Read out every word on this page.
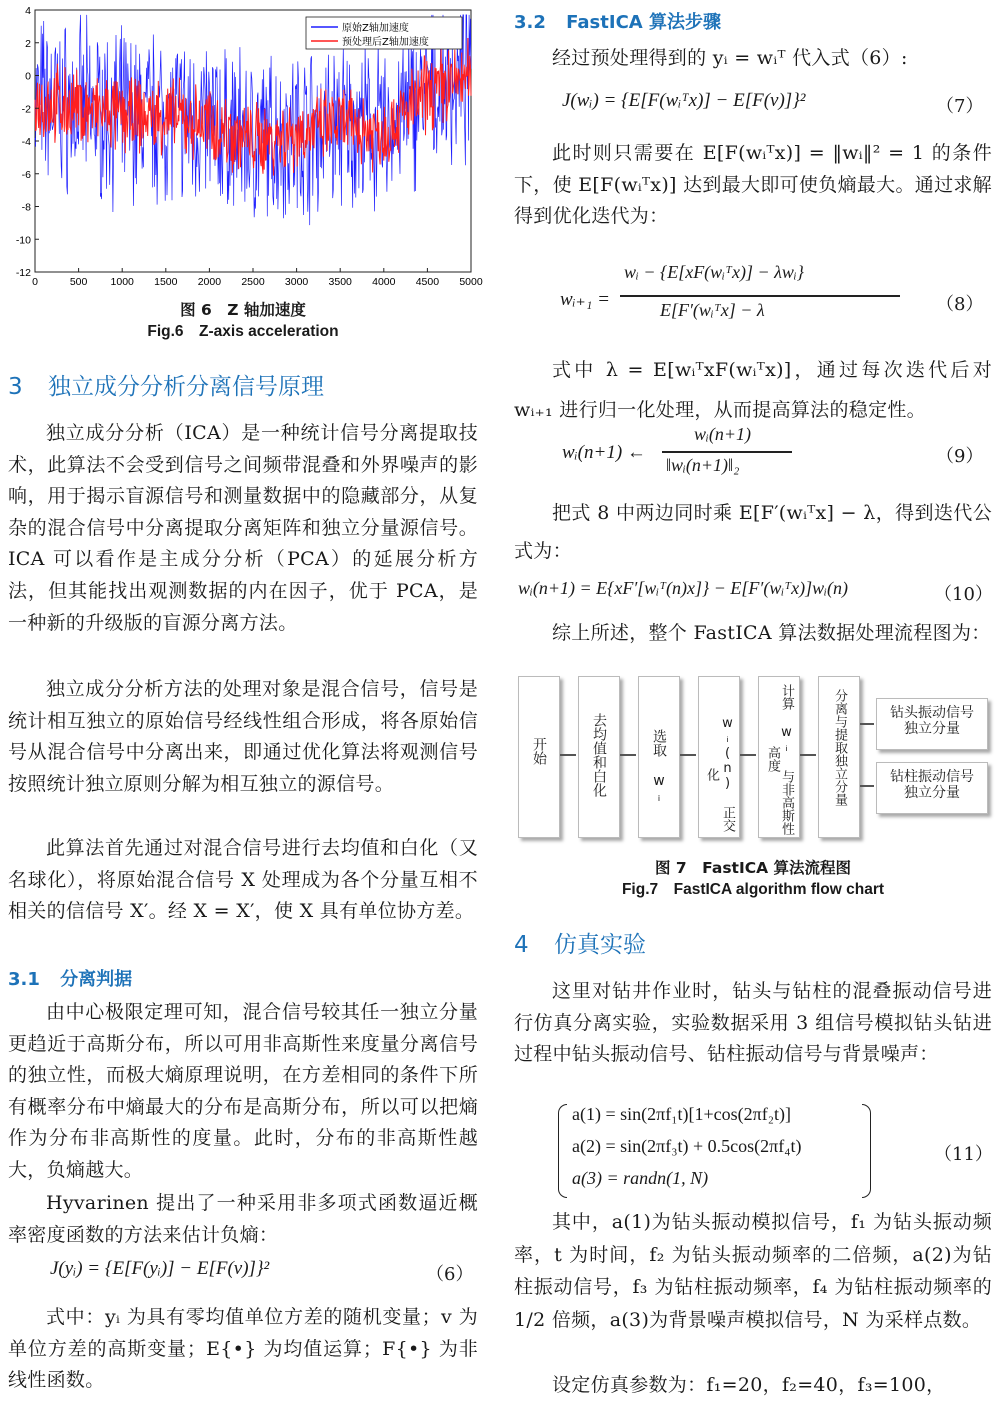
0	500 1000 1500 2000 2500 3000 3500 4000 4500 5000
4
2
0
-2
-4
-6
-8
-10
-12
原始Z轴加速度
预处理后Z轴加速度
图 6　Z 轴加速度
Fig.6　Z-axis acceleration
3 独立成分分析分离信号原理

独立成分分析（ICA）是一种统计信号分离提取技术，此算法不会受到信号之间频带混叠和外界噪声的影响，用于揭示盲源信号和测量数据中的隐藏部分，从复杂的混合信号中分离提取分离矩阵和独立分量源信号。ICA 可以看作是主成分分析（PCA）的延展分析方法，但其能找出观测数据的内在因子，优于 PCA，是一种新的升级版的盲源分离方法。

独立成分分析方法的处理对象是混合信号，信号是统计相互独立的原始信号经线性组合形成，将各原始信号从混合信号中分离出来，即通过优化算法将观测信号按照统计独立原则分解为相互独立的源信号。

此算法首先通过对混合信号进行去均值和白化（又名球化），将原始混合信号 X 处理成为各个分量互相不相关的信信号 X′。经 X = X′，使 X 具有单位协方差。

3.1 分离判据

由中心极限定理可知，混合信号较其任一独立分量更趋近于高斯分布，所以可用非高斯性来度量分离信号的独立性，而极大熵原理说明，在方差相同的条件下所有概率分布中熵最大的分布是高斯分布，所以可以把熵作为分布非高斯性的度量。此时，分布的非高斯性越大，负熵越大。

Hyvarinen 提出了一种采用非多项式函数逼近概率密度函数的方法来估计负熵：

J(yᵢ) = {E[F(yᵢ)] − E[F(v)]}²	（6）

式中：yᵢ 为具有零均值单位方差的随机变量；v 为单位方差的高斯变量；E{•} 为均值运算；F{•} 为非线性函数。

3.2 FastICA 算法步骤

经过预处理得到的 yᵢ = wᵢᵀ 代入式（6）:

J(wᵢ) = {E[F(wᵢᵀx)] − E[F(v)]}²	（7）

此时则只需要在 E[F(wᵢᵀx)] = ‖wᵢ‖² = 1 的条件下，使 E[F(wᵢᵀx)] 达到最大即可使负熵最大。通过求解得到优化迭代为：

wᵢ₊₁ =
wᵢ − {E[xF(wᵢᵀx)] − λwᵢ}
E[F′(wᵢᵀx] − λ	（8）

式中 λ = E[wᵢᵀxF(wᵢᵀx)]，通过每次迭代后对 wᵢ₊₁ 进行归一化处理，从而提高算法的稳定性。

wᵢ(n+1) ←
wᵢ(n+1)
‖wᵢ(n+1)‖₂	（9）

把式 8 中两边同时乘 E[F′(wᵢᵀx] − λ，得到迭代公式为：

wᵢ(n+1) = E{xF′[wᵢᵀ(n)x]} − E[F′(wᵢᵀx)]wᵢ(n)	（10）

综上所述，整个 FastICA 算法数据处理流程图为：

开始	去均值和白化	选取 wᵢ	wᵢ(n) 正交化	计算 wᵢ 与非高斯性高度	分离与提取独立分量	钻头振动信号独立分量
钻柱振动信号独立分量
图 7　FastICA 算法流程图
Fig.7　FastICA algorithm flow chart
4 仿真实验

这里对钻井作业时，钻头与钻柱的混叠振动信号进行仿真分离实验，实验数据采用 3 组信号模拟钻头钻进过程中钻头振动信号、钻柱振动信号与背景噪声：

a(1) = sin(2πf₁t)[1+cos(2πf₂t)]
a(2) = sin(2πf₃t) + 0.5cos(2πf₄t)
a(3) = randn(1, N)
（11）

其中，a(1)为钻头振动模拟信号，f₁ 为钻头振动频率，t 为时间，f₂ 为钻头振动频率的二倍频，a(2)为钻柱振动信号，f₃ 为钻柱振动频率，f₄ 为钻柱振动频率的 1/2 倍频，a(3)为背景噪声模拟信号，N 为采样点数。

设定仿真参数为：f₁=20，f₂=40，f₃=100，
